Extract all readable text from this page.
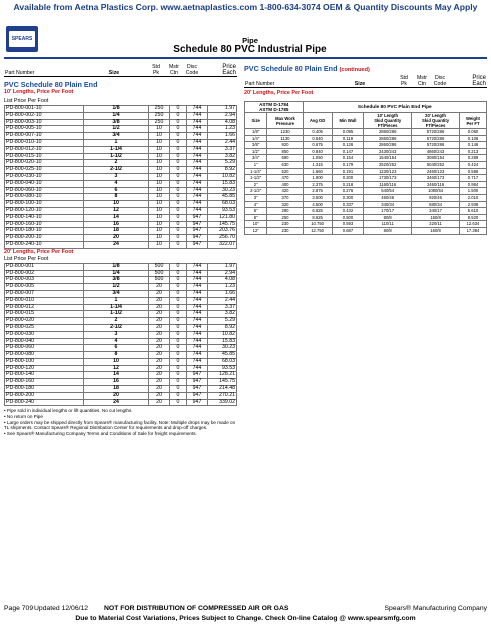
Available from Aetna Plastics Corp. www.aetnaplastics.com 1-800-634-3074 OEM & Quantity Discounts May Apply
SPEARS	Pipe
Schedule 80 PVC Industrial Pipe
Part Number	Size	Std
Pk	Mstr
Ctn	Disc
Code	Price
Each
PVC Schedule 80 Plain End
10' Lengths, Price Per Foot
List Price Per Foot
PD-800-001-10	1/8	250	0	744	1.97
PD-800-002-10	1/4	250	0	744	2.94
PD-800-003-10	3/8	250	0	744	4.08
PD-800-005-10	1/2	10	0	744	1.23
PD-800-007-10	3/4	10	0	744	1.66
PD-800-010-10	1	10	0	744	2.44
PD-800-012-10	1-1/4	10	0	744	3.37
PD-800-015-10	1-1/2	10	0	744	3.82
PD-800-020-10	2	10	0	744	5.29
PD-800-025-10	2-1/2	10	0	744	8.92
PD-800-030-10	3	10	0	744	10.82
PD-800-040-10	4	10	0	744	15.83
PD-800-060-10	6	10	0	744	30.23
PD-800-080-10	8	10	0	744	45.85
PD-800-100-10	10	10	0	744	68.03
PD-800-120-10	12	10	0	744	93.53
PD-800-140-10	14	10	0	947	121.80
PD-800-160-10	16	10	0	947	145.75
PD-800-180-10	18	10	0	947	203.76
PD-800-200-10	20	10	0	947	256.70
PD-800-240-10	24	10	0	947	322.07
20' Lengths, Price Per Foot
List Price Per Foot
PD-800-001	1/8	500	0	744	1.97
PD-800-002	1/4	500	0	744	2.94
PD-800-003	3/8	500	0	744	4.08
PD-800-005	1/2	20	0	744	1.23
PD-800-007	3/4	20	0	744	1.66
PD-800-010	1	20	0	744	2.44
PD-800-012	1-1/4	20	0	744	3.37
PD-800-015	1-1/2	20	0	744	3.82
PD-800-020	2	20	0	744	5.29
PD-800-025	2-1/2	20	0	744	8.92
PD-800-030	3	20	0	744	10.82
PD-800-040	4	20	0	744	15.83
PD-800-060	6	20	0	744	30.23
PD-800-080	8	20	0	744	45.85
PD-800-100	10	20	0	744	68.03
PD-800-120	12	20	0	744	93.53
PD-800-140	14	20	0	947	128.21
PD-800-160	16	20	0	947	145.75
PD-800-180	18	20	0	947	214.48
PD-800-200	20	20	0	947	270.21
PD-800-240	24	20	0	947	339.02
• Pipe sold in individual lengths or lift quantities. No cut lengths.
• No return on Pipe
• Large orders may be shipped directly from Spears® manufacturing facility. Note: Multiple drops may be made on TL shipments. Contact Spears® Regional Distribution Center for requirements and drop-off charges.
• See Spears® Manufacturing Company Terms and Conditions of Sale for freight requirements.
PVC Schedule 80 Plain End (continued)
Part Number	Size	Std
Pk	Mstr
Ctn	Disc
Code	Price
Each
20' Lengths, Price Per Foot
ASTM D-1784
ASTM D-1785		Schedule 80 PVC Plain End Pipe				
Size	Max Work
Pressure	Avg OD	Min Wall	10' Length
Skid Quantity
FT/Pieces	20' Length
Skid Quantity
FT/Pieces	Weight
Per FT
1/8"	1230	0.405	0.095	2860/286	5720/286	0.060
1/4"	1130	0.540	0.119	2860/286	5720/286	0.106
3/8"	920	0.675	0.126	2860/286	5720/286	0.146
1/2"	850	0.840	0.147	2430/243	4860/243	0.213
3/4"	690	1.050	0.154	1540/154	3080/154	0.289
1"	630	1.315	0.179	2520/252	5040/252	0.424
1-1/4"	520	1.660	0.191	1230/123	2460/123	0.586
1-1/2"	470	1.900	0.200	1730/173	3460/173	0.717
2"	400	2.375	0.218	1160/116	2460/116	0.984
2-1/2"	420	2.875	0.276	540/54	1080/54	1.500
3"	370	3.500	0.300	460/46	920/46	2.010
4"	320	4.500	0.337	340/34	680/34	2.938
6"	280	6.625	0.432	170/17	340/17	5.610
8"	250	8.625	0.500	80/8	160/8	8.520
10"	230	10.750	0.593	110/11	220/11	12.634
12"	230	12.750	0.687	80/8	160/8	17.384
Page 709 Updated 12/06/12 NOT FOR DISTRIBUTION OF COMPRESSED AIR OR GAS	Spears® Manufacturing Company
Due to Material Cost Variations, Prices Subject to Change. Check On-line Catalog @ www.spearsmfg.com
